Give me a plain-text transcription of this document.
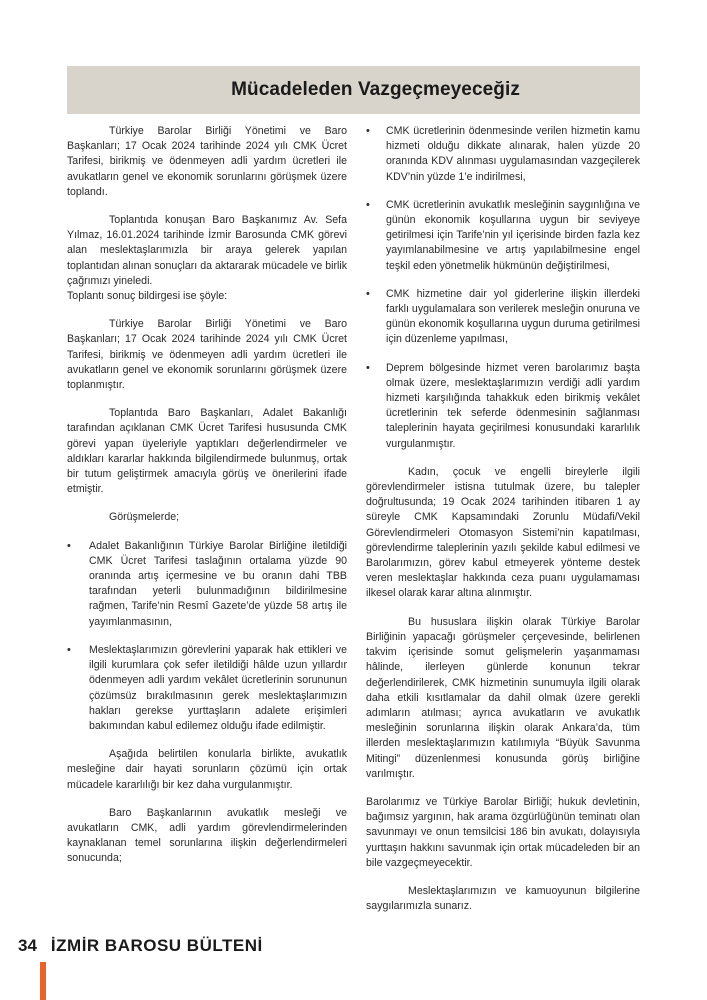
Mücadeleden Vazgeçmeyeceğiz

Türkiye Barolar Birliği Yönetimi ve Baro Başkanları; 17 Ocak 2024 tarihinde 2024 yılı CMK Ücret Tarifesi, birikmiş ve ödenmeyen adli yardım ücretleri ile avukatların genel ve ekonomik sorunlarını görüşmek üzere toplandı.

Toplantıda konuşan Baro Başkanımız Av. Sefa Yılmaz, 16.01.2024 tarihinde İzmir Barosunda CMK görevi alan meslektaşlarımızla bir araya gelerek yapılan toplantıdan alınan sonuçları da aktararak mücadele ve birlik çağrımızı yineledi.

Toplantı sonuç bildirgesi ise şöyle:

Türkiye Barolar Birliği Yönetimi ve Baro Başkanları; 17 Ocak 2024 tarihinde 2024 yılı CMK Ücret Tarifesi, birikmiş ve ödenmeyen adli yardım ücretleri ile avukatların genel ve ekonomik sorunlarını görüşmek üzere toplanmıştır.

Toplantıda Baro Başkanları, Adalet Bakanlığı tarafından açıklanan CMK Ücret Tarifesi hususunda CMK görevi yapan üyeleriyle yaptıkları değerlendirmeler ve aldıkları kararlar hakkında bilgilendirmede bulunmuş, ortak bir tutum geliştirmek amacıyla görüş ve önerilerini ifade etmiştir.

Görüşmelerde;

• Adalet Bakanlığının Türkiye Barolar Birliğine iletildiği CMK Ücret Tarifesi taslağının ortalama yüzde 90 oranında artış içermesine ve bu oranın dahi TBB tarafından yeterli bulunmadığının bildirilmesine rağmen, Tarife’nin Resmî Gazete’de yüzde 58 artış ile yayımlanmasının,
• Meslektaşlarımızın görevlerini yaparak hak ettikleri ve ilgili kurumlara çok sefer iletildiği hâlde uzun yıllardır ödenmeyen adli yardım vekâlet ücretlerinin sorununun çözümsüz bırakılmasının gerek meslektaşlarımızın hakları gerekse yurttaşların adalete erişimleri bakımından kabul edilemez olduğu ifade edilmiştir.

Aşağıda belirtilen konularla birlikte, avukatlık mesleğine dair hayati sorunların çözümü için ortak mücadele kararlılığı bir kez daha vurgulanmıştır.

Baro Başkanlarının avukatlık mesleği ve avukatların CMK, adli yardım görevlendirmelerinden kaynaklanan temel sorunlarına ilişkin değerlendirmeleri sonucunda;

• CMK ücretlerinin ödenmesinde verilen hizmetin kamu hizmeti olduğu dikkate alınarak, halen yüzde 20 oranında KDV alınması uygulamasından vazgeçilerek KDV’nin yüzde 1’e indirilmesi,
• CMK ücretlerinin avukatlık mesleğinin saygınlığına ve günün ekonomik koşullarına uygun bir seviyeye getirilmesi için Tarife’nin yıl içerisinde birden fazla kez yayımlanabilmesine ve artış yapılabilmesine engel teşkil eden yönetmelik hükmünün değiştirilmesi,
• CMK hizmetine dair yol giderlerine ilişkin illerdeki farklı uygulamalara son verilerek mesleğin onuruna ve günün ekonomik koşullarına uygun duruma getirilmesi için düzenleme yapılması,
• Deprem bölgesinde hizmet veren barolarımız başta olmak üzere, meslektaşlarımızın verdiği adli yardım hizmeti karşılığında tahakkuk eden birikmiş vekâlet ücretlerinin tek seferde ödenmesinin sağlanması taleplerinin hayata geçirilmesi konusundaki kararlılık vurgulanmıştır.

Kadın, çocuk ve engelli bireylerle ilgili görevlendirmeler istisna tutulmak üzere, bu talepler doğrultusunda; 19 Ocak 2024 tarihinden itibaren 1 ay süreyle CMK Kapsamındaki Zorunlu Müdafi/Vekil Görevlendirmeleri Otomasyon Sistemi’nin kapatılması, görevlendirme taleplerinin yazılı şekilde kabul edilmesi ve Barolarımızın, görev kabul etmeyerek yönteme destek veren meslektaşlar hakkında ceza puanı uygulamaması ilkesel olarak karar altına alınmıştır.

Bu hususlara ilişkin olarak Türkiye Barolar Birliğinin yapacağı görüşmeler çerçevesinde, belirlenen takvim içerisinde somut gelişmelerin yaşanmaması hâlinde, ilerleyen günlerde konunun tekrar değerlendirilerek, CMK hizmetinin sunumuyla ilgili olarak daha etkili kısıtlamalar da dahil olmak üzere gerekli adımların atılması; ayrıca avukatların ve avukatlık mesleğinin sorunlarına ilişkin olarak Ankara’da, tüm illerden meslektaşlarımızın katılımıyla “Büyük Savunma Mitingi” düzenlenmesi konusunda görüş birliğine varılmıştır.

Barolarımız ve Türkiye Barolar Birliği; hukuk devletinin, bağımsız yargının, hak arama özgürlüğünün teminatı olan savunmayı ve onun temsilcisi 186 bin avukatı, dolayısıyla yurttaşın hakkını savunmak için ortak mücadeleden bir an bile vazgeçmeyecektir.

Meslektaşlarımızın ve kamuoyunun bilgilerine saygılarımızla sunarız.

34 İZMİR BAROSU BÜLTENİ
